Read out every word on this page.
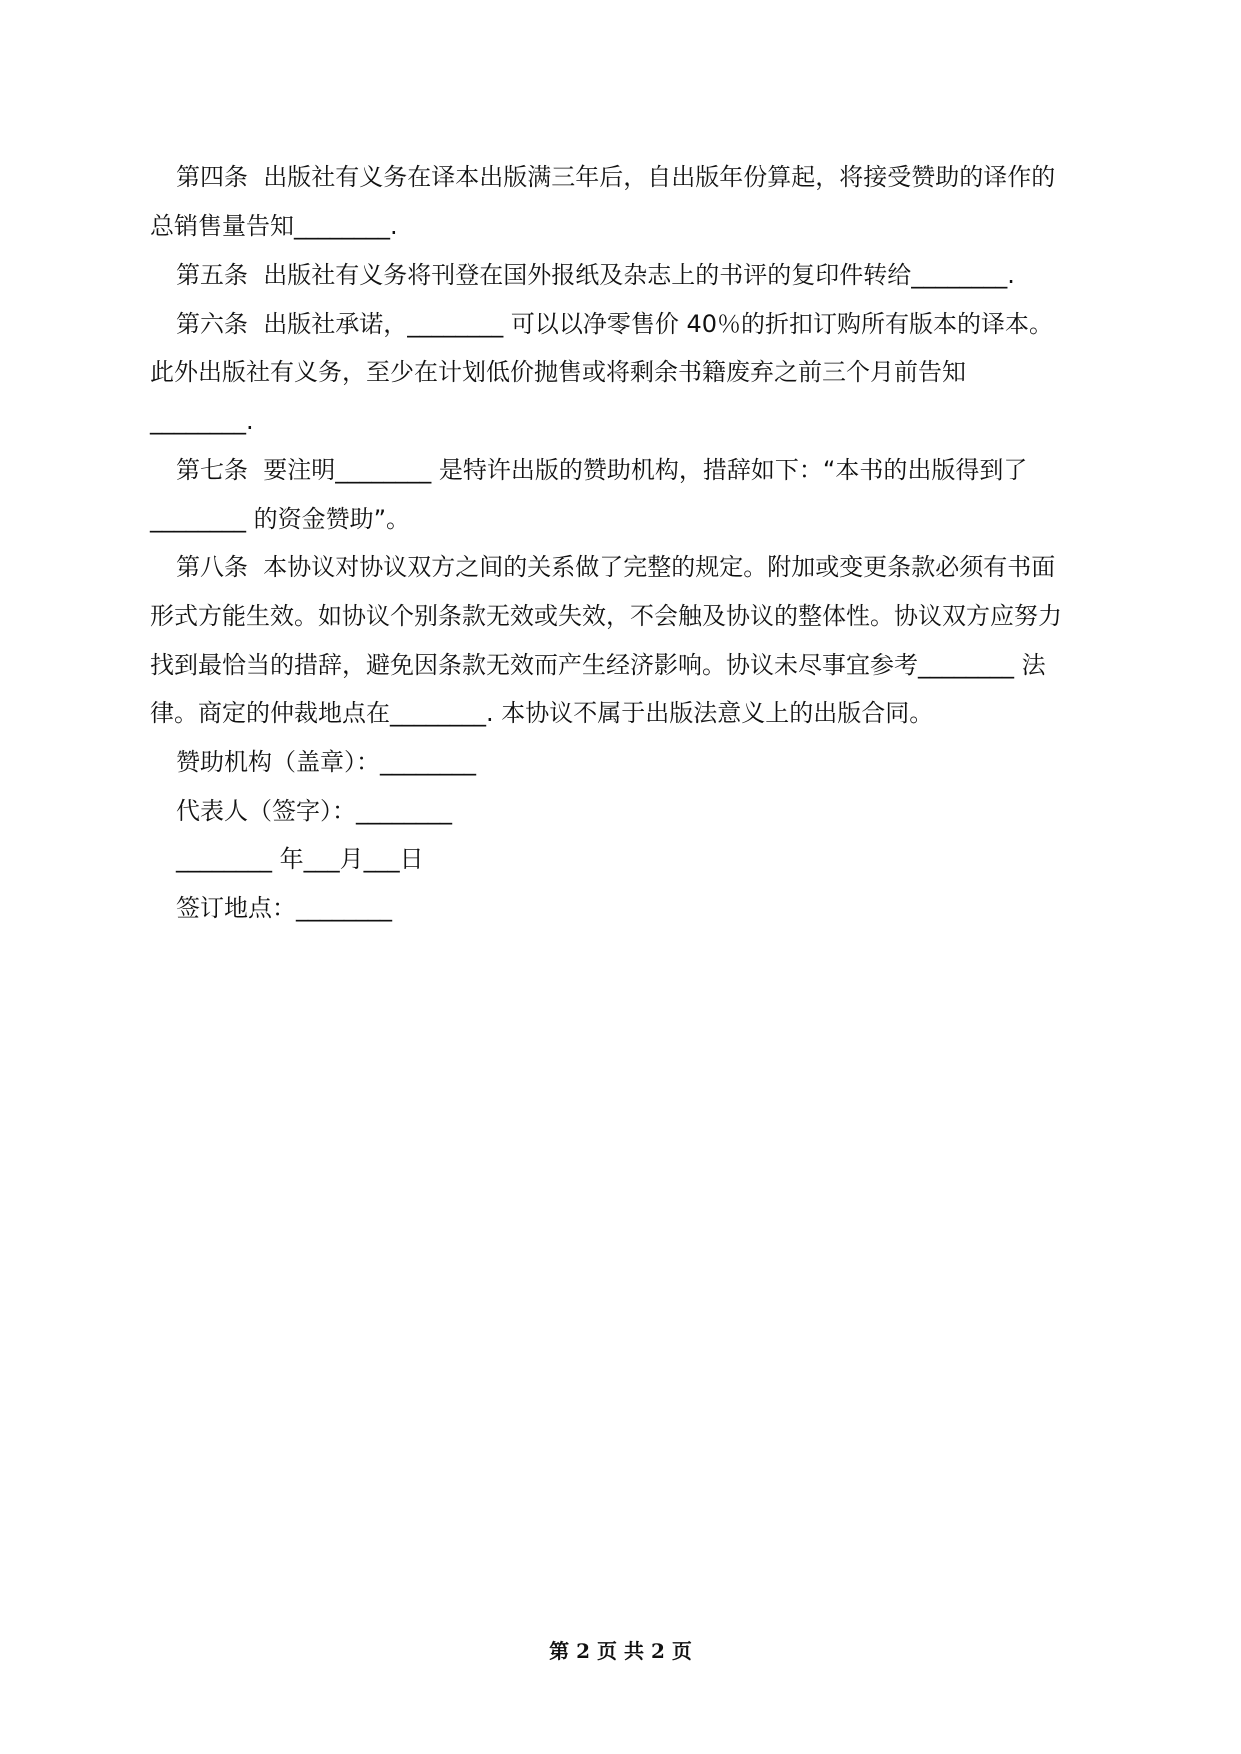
第四条  出版社有义务在译本出版满三年后，自出版年份算起，将接受赞助的译作的
总销售量告知________.
第五条  出版社有义务将刊登在国外报纸及杂志上的书评的复印件转给________.
第六条  出版社承诺，________ 可以以净零售价 40％的折扣订购所有版本的译本。
此外出版社有义务，至少在计划低价抛售或将剩余书籍废弃之前三个月前告知
________.
第七条  要注明________ 是特许出版的赞助机构，措辞如下：“本书的出版得到了
________ 的资金赞助”。
第八条  本协议对协议双方之间的关系做了完整的规定。附加或变更条款必须有书面
形式方能生效。如协议个别条款无效或失效，不会触及协议的整体性。协议双方应努力
找到最恰当的措辞，避免因条款无效而产生经济影响。协议未尽事宜参考________ 法
律。商定的仲裁地点在________. 本协议不属于出版法意义上的出版合同。
赞助机构（盖章）：________
代表人（签字）：________
________ 年___月___日
签订地点：________
第 2 页 共 2 页
